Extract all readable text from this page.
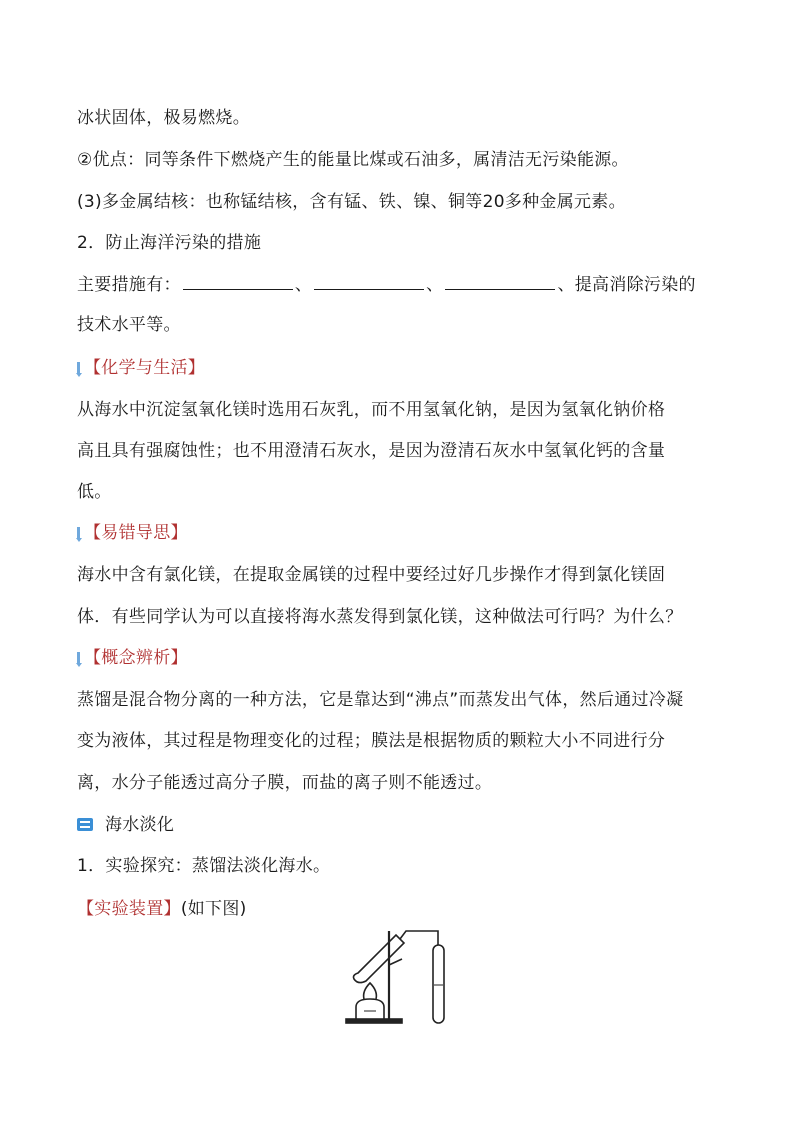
冰状固体，极易燃烧。
②优点：同等条件下燃烧产生的能量比煤或石油多，属清洁无污染能源。
(3)多金属结核：也称锰结核，含有锰、铁、镍、铜等20多种金属元素。
2．防止海洋污染的措施
主要措施有：	、	、	、提高消除污染的
技术水平等。
【化学与生活】
从海水中沉淀氢氧化镁时选用石灰乳，而不用氢氧化钠，是因为氢氧化钠价格
高且具有强腐蚀性；也不用澄清石灰水，是因为澄清石灰水中氢氧化钙的含量
低。
【易错导思】
海水中含有氯化镁，在提取金属镁的过程中要经过好几步操作才得到氯化镁固
体．有些同学认为可以直接将海水蒸发得到氯化镁，这种做法可行吗？为什么？
【概念辨析】
蒸馏是混合物分离的一种方法，它是靠达到“沸点”而蒸发出气体，然后通过冷凝
变为液体，其过程是物理变化的过程；膜法是根据物质的颗粒大小不同进行分
离，水分子能透过高分子膜，而盐的离子则不能透过。
海水淡化
1．实验探究：蒸馏法淡化海水。
【实验装置】(如下图)
